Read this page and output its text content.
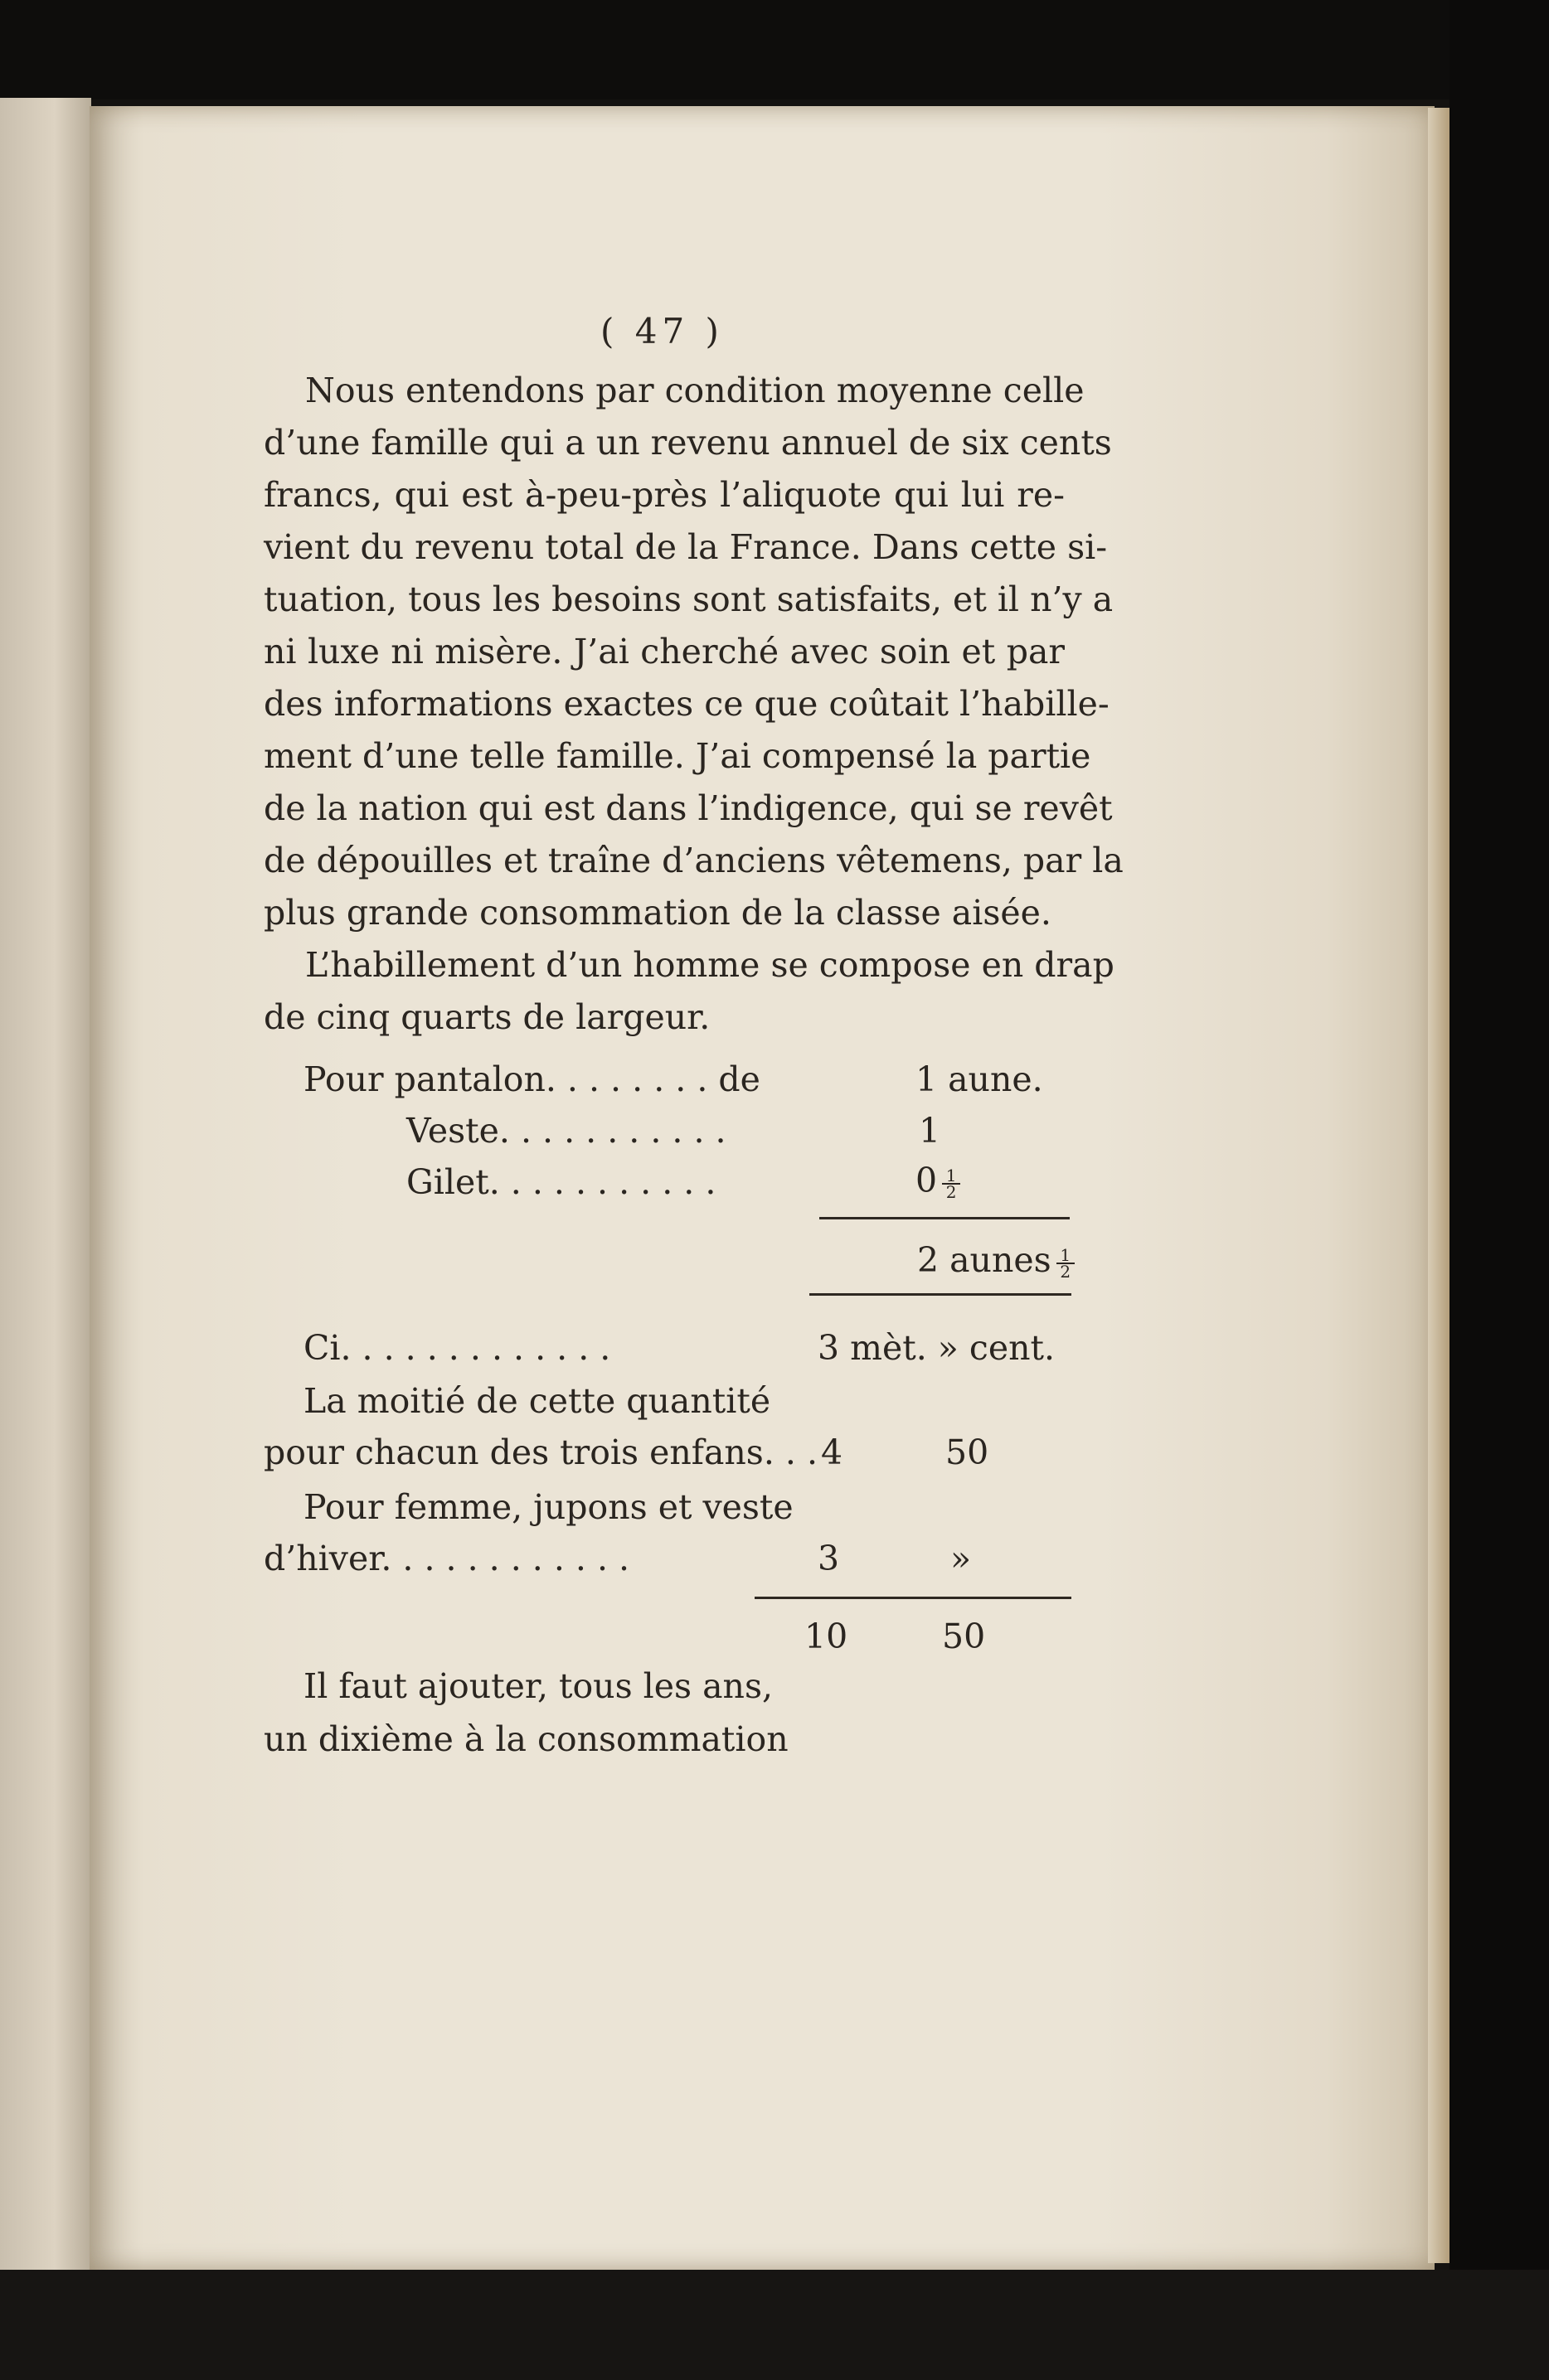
( 47 )
Nous entendons par condition moyenne celle
d’une famille qui a un revenu annuel de six cents
francs, qui est à-peu-près l’aliquote qui lui re-
vient du revenu total de la France. Dans cette si-
tuation, tous les besoins sont satisfaits, et il n’y a
ni luxe ni misère. J’ai cherché avec soin et par
des informations exactes ce que coûtait l’habille-
ment d’une telle famille. J’ai compensé la partie
de la nation qui est dans l’indigence, qui se revêt
de dépouilles et traîne d’anciens vêtemens, par la
plus grande consommation de la classe aisée.
L’habillement d’un homme se compose en drap
de cinq quarts de largeur.
Pour pantalon. . . . . . . . de	1 aune.
Veste. . . . . . . . . . .	1
Gilet. . . . . . . . . . .	$0 \frac{1}{2}$
2 aunes $\frac{1}{2}$
Ci. . . . . . . . . . . . .	3 mèt. » cent.
La moitié de cette quantité
pour chacun des trois enfans. . . 4	50
Pour femme, jupons et veste
d’hiver. . . . . . . . . . . .	3	»
10	50
Il faut ajouter, tous les ans,
un dixième à la consommation
